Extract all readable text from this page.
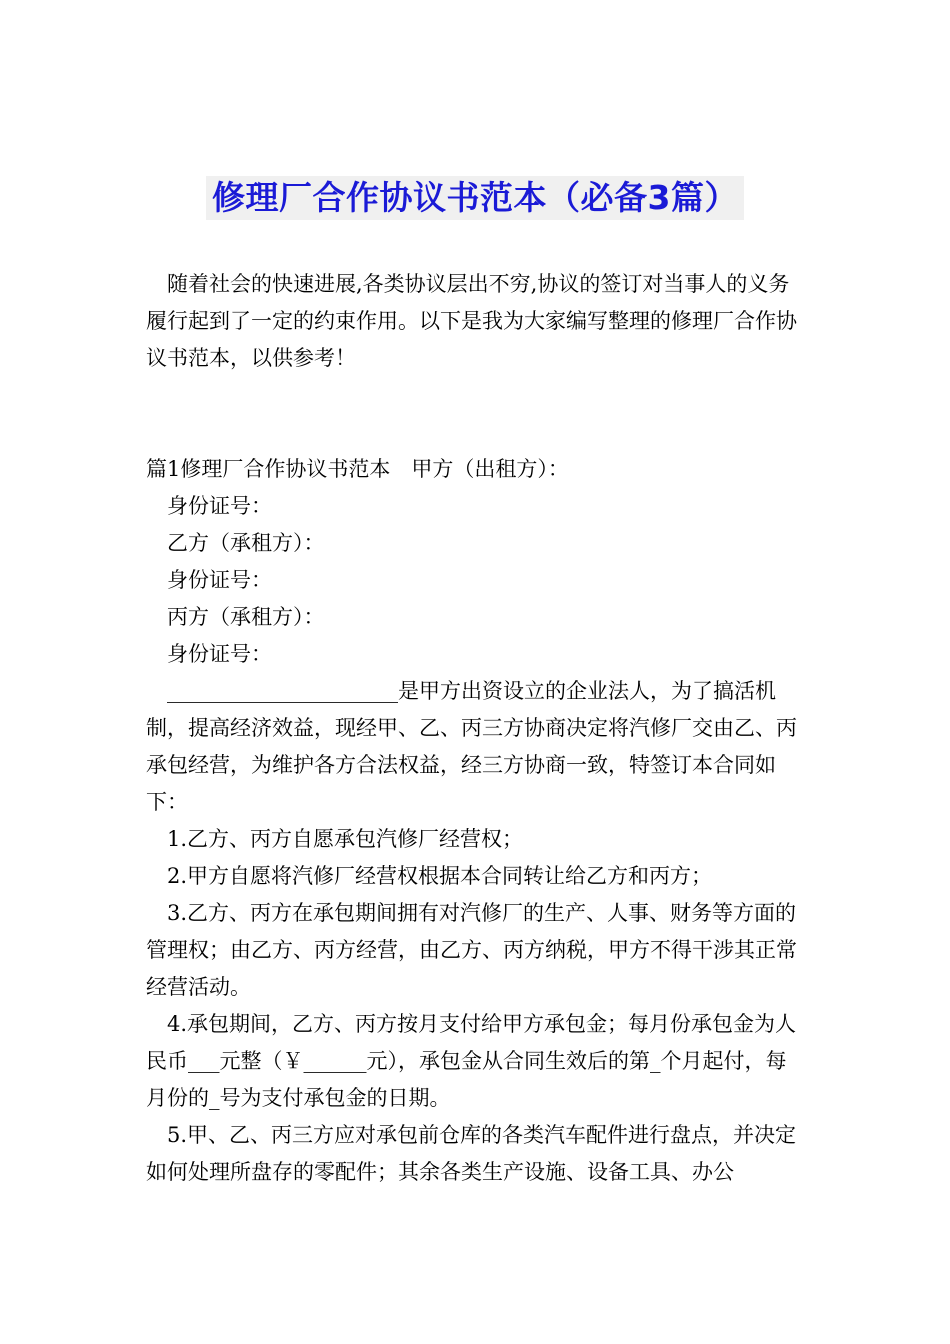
修理厂合作协议书范本（必备3篇）

随着社会的快速进展,各类协议层出不穷,协议的签订对当事人的义务履行起到了一定的约束作用。以下是我为大家编写整理的修理厂合作协议书范本，以供参考！

篇1修理厂合作协议书范本　甲方（出租方）：

身份证号：

乙方（承租方）：

身份证号：

丙方（承租方）：

身份证号：

______________________是甲方出资设立的企业法人，为了搞活机制，提高经济效益，现经甲、乙、丙三方协商决定将汽修厂交由乙、丙承包经营，为维护各方合法权益，经三方协商一致，特签订本合同如下：

1.乙方、丙方自愿承包汽修厂经营权；

2.甲方自愿将汽修厂经营权根据本合同转让给乙方和丙方；

3.乙方、丙方在承包期间拥有对汽修厂的生产、人事、财务等方面的管理权；由乙方、丙方经营，由乙方、丙方纳税，甲方不得干涉其正常经营活动。

4.承包期间，乙方、丙方按月支付给甲方承包金；每月份承包金为人民币___元整（￥______元），承包金从合同生效后的第_个月起付，每月份的_号为支付承包金的日期。

5.甲、乙、丙三方应对承包前仓库的各类汽车配件进行盘点，并决定如何处理所盘存的零配件；其余各类生产设施、设备工具、办公
